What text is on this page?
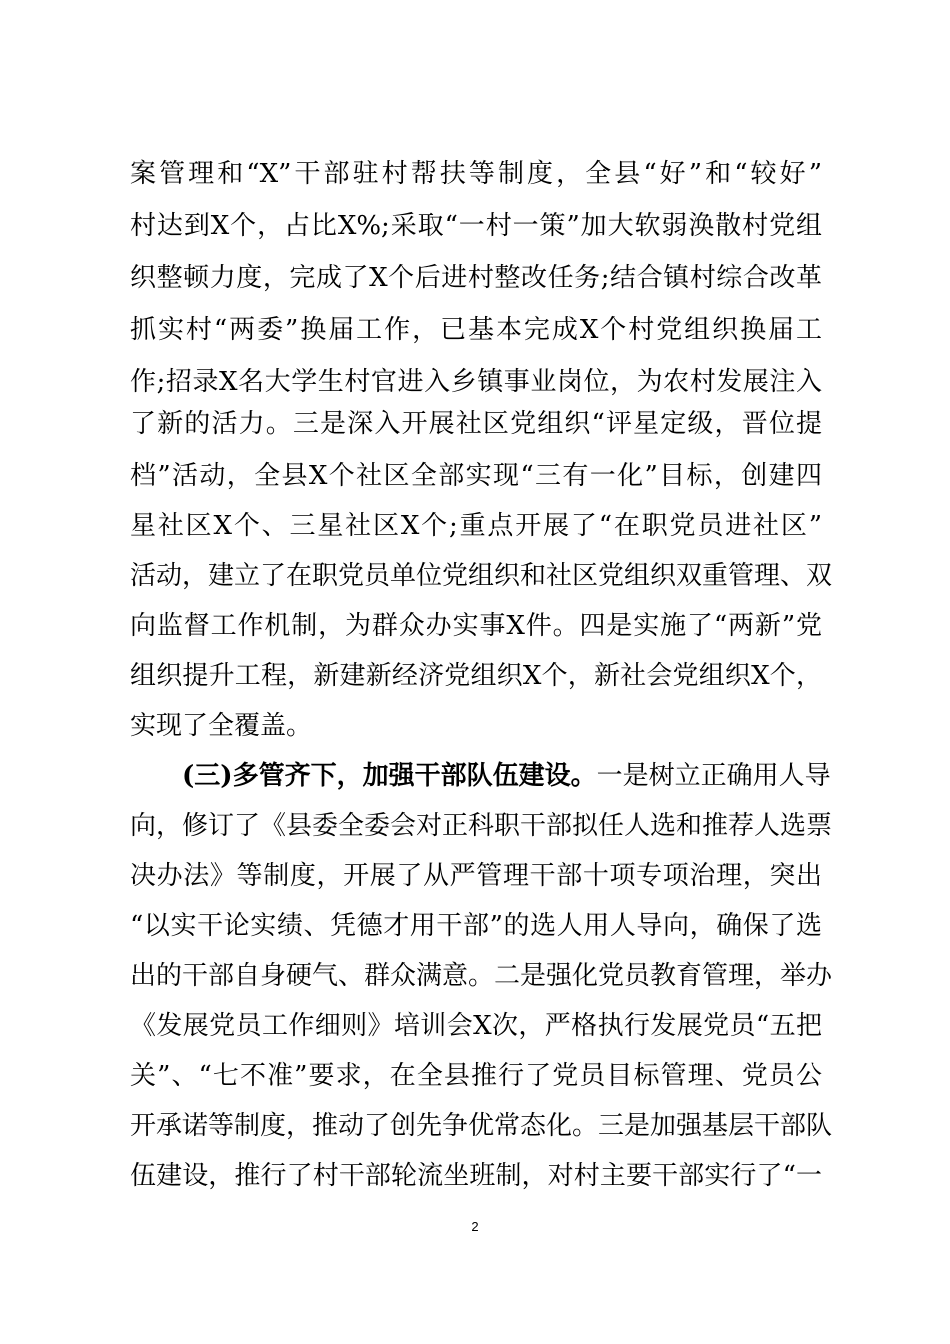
案管理和“X”干部驻村帮扶等制度，全县“好”和“较好”
村达到X个，占比X%;采取“一村一策”加大软弱涣散村党组
织整顿力度，完成了X个后进村整改任务;结合镇村综合改革
抓实村“两委”换届工作，已基本完成X个村党组织换届工
作;招录X名大学生村官进入乡镇事业岗位，为农村发展注入
了新的活力。三是深入开展社区党组织“评星定级，晋位提
档”活动，全县X个社区全部实现“三有一化”目标，创建四
星社区X个、三星社区X个;重点开展了“在职党员进社区”
活动，建立了在职党员单位党组织和社区党组织双重管理、双
向监督工作机制，为群众办实事X件。四是实施了“两新”党
组织提升工程，新建新经济党组织X个，新社会党组织X个，
实现了全覆盖。
(三)多管齐下，加强干部队伍建设。一是树立正确用人导
向，修订了《县委全委会对正科职干部拟任人选和推荐人选票
决办法》等制度，开展了从严管理干部十项专项治理，突出
“以实干论实绩、凭德才用干部”的选人用人导向，确保了选
出的干部自身硬气、群众满意。二是强化党员教育管理，举办
《发展党员工作细则》培训会X次，严格执行发展党员“五把
关”、“七不准”要求，在全县推行了党员目标管理、党员公
开承诺等制度，推动了创先争优常态化。三是加强基层干部队
伍建设，推行了村干部轮流坐班制，对村主要干部实行了“一
2
